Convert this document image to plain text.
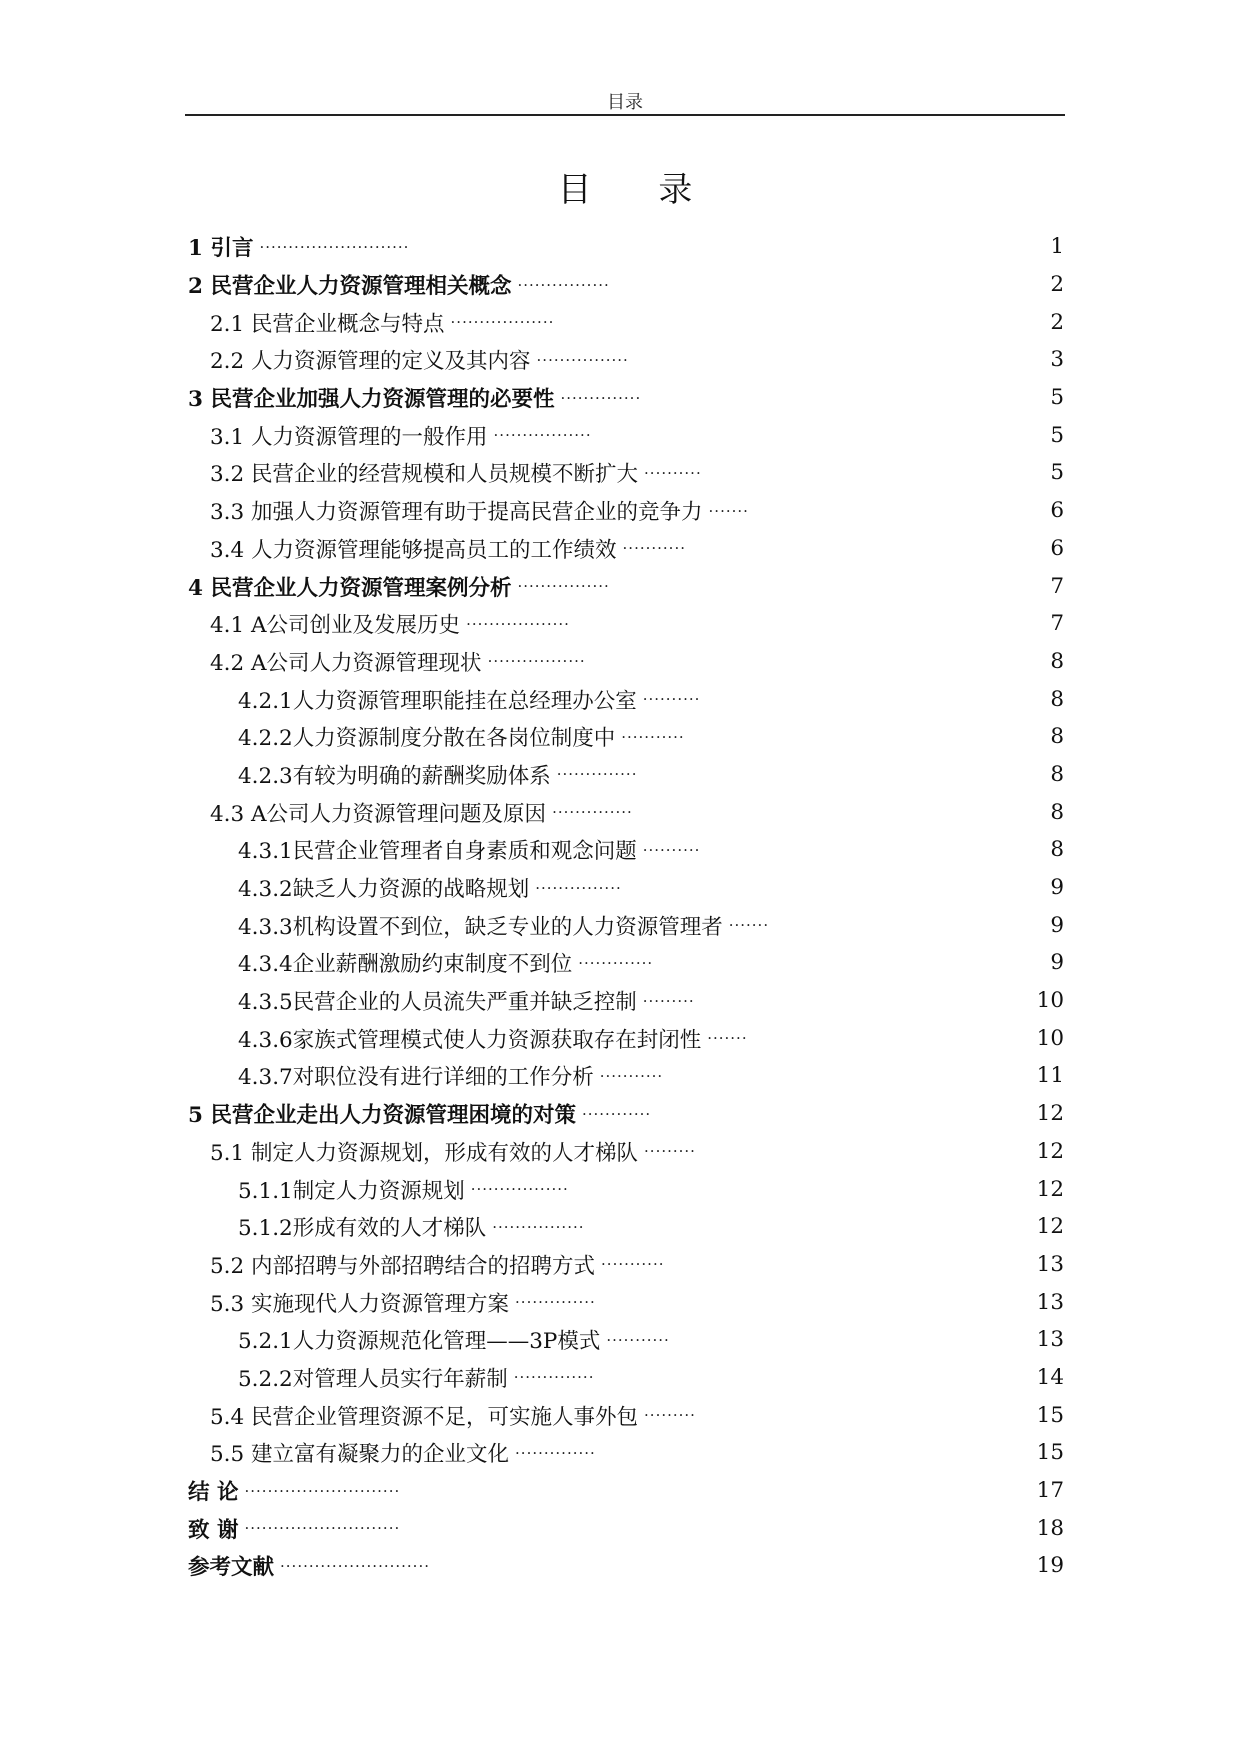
目录
目 录
1 引言 ··························	1
2 民营企业人力资源管理相关概念 ················	2
2.1 民营企业概念与特点 ··················	2
2.2 人力资源管理的定义及其内容 ················	3
3 民营企业加强人力资源管理的必要性 ··············	5
3.1 人力资源管理的一般作用 ·················	5
3.2 民营企业的经营规模和人员规模不断扩大 ··········	5
3.3 加强人力资源管理有助于提高民营企业的竞争力 ·······	6
3.4 人力资源管理能够提高员工的工作绩效 ···········	6
4 民营企业人力资源管理案例分析 ················	7
4.1 A公司创业及发展历史 ··················	7
4.2 A公司人力资源管理现状 ·················	8
4.2.1人力资源管理职能挂在总经理办公室 ··········	8
4.2.2人力资源制度分散在各岗位制度中 ···········	8
4.2.3有较为明确的薪酬奖励体系 ··············	8
4.3 A公司人力资源管理问题及原因 ··············	8
4.3.1民营企业管理者自身素质和观念问题 ··········	8
4.3.2缺乏人力资源的战略规划 ···············	9
4.3.3机构设置不到位，缺乏专业的人力资源管理者 ·······	9
4.3.4企业薪酬激励约束制度不到位 ·············	9
4.3.5民营企业的人员流失严重并缺乏控制 ·········	10
4.3.6家族式管理模式使人力资源获取存在封闭性 ·······	10
4.3.7对职位没有进行详细的工作分析 ···········	11
5 民营企业走出人力资源管理困境的对策 ············	12
5.1 制定人力资源规划，形成有效的人才梯队 ·········	12
5.1.1制定人力资源规划 ·················	12
5.1.2形成有效的人才梯队 ················	12
5.2 内部招聘与外部招聘结合的招聘方式 ···········	13
5.3 实施现代人力资源管理方案 ··············	13
5.2.1人力资源规范化管理——3P模式 ···········	13
5.2.2对管理人员实行年薪制 ··············	14
5.4 民营企业管理资源不足，可实施人事外包 ·········	15
5.5 建立富有凝聚力的企业文化 ··············	15
结 论 ···························	17
致 谢 ···························	18
参考文献 ··························	19
